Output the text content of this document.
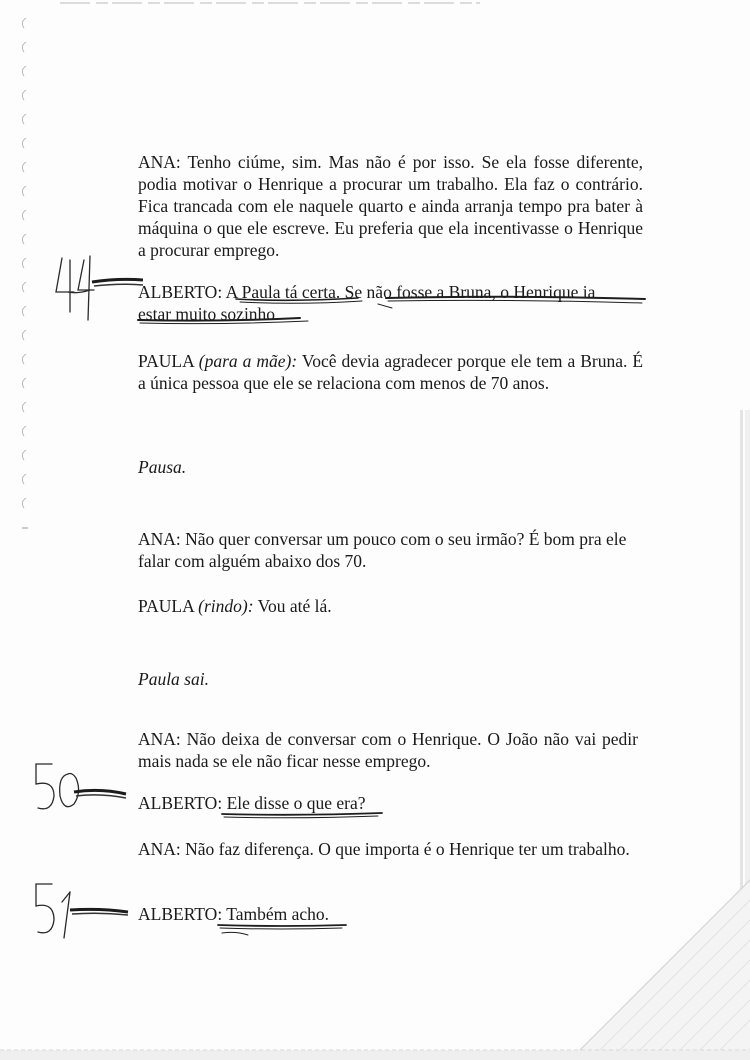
ANA: Tenho ciúme, sim. Mas não é por isso. Se ela fosse diferente, podia motivar o Henrique a procurar um trabalho. Ela faz o contrário. Fica trancada com ele naquele quarto e ainda arranja tempo pra bater à máquina o que ele escreve. Eu preferia que ela incentivasse o Henrique a procurar emprego.

ALBERTO: A Paula tá certa. Se não fosse a Bruna, o Henrique ia
estar muito sozinho.

PAULA (para a mãe): Você devia agradecer porque ele tem a Bruna. É a única pessoa que ele se relaciona com menos de 70 anos.

Pausa.

ANA: Não quer conversar um pouco com o seu irmão? É bom pra ele falar com alguém abaixo dos 70.

PAULA (rindo): Vou até lá.

Paula sai.

ANA: Não deixa de conversar com o Henrique. O João não vai pedir mais nada se ele não ficar nesse emprego.

ALBERTO: Ele disse o que era?

ANA: Não faz diferença. O que importa é o Henrique ter um trabalho.

ALBERTO: Também acho.
